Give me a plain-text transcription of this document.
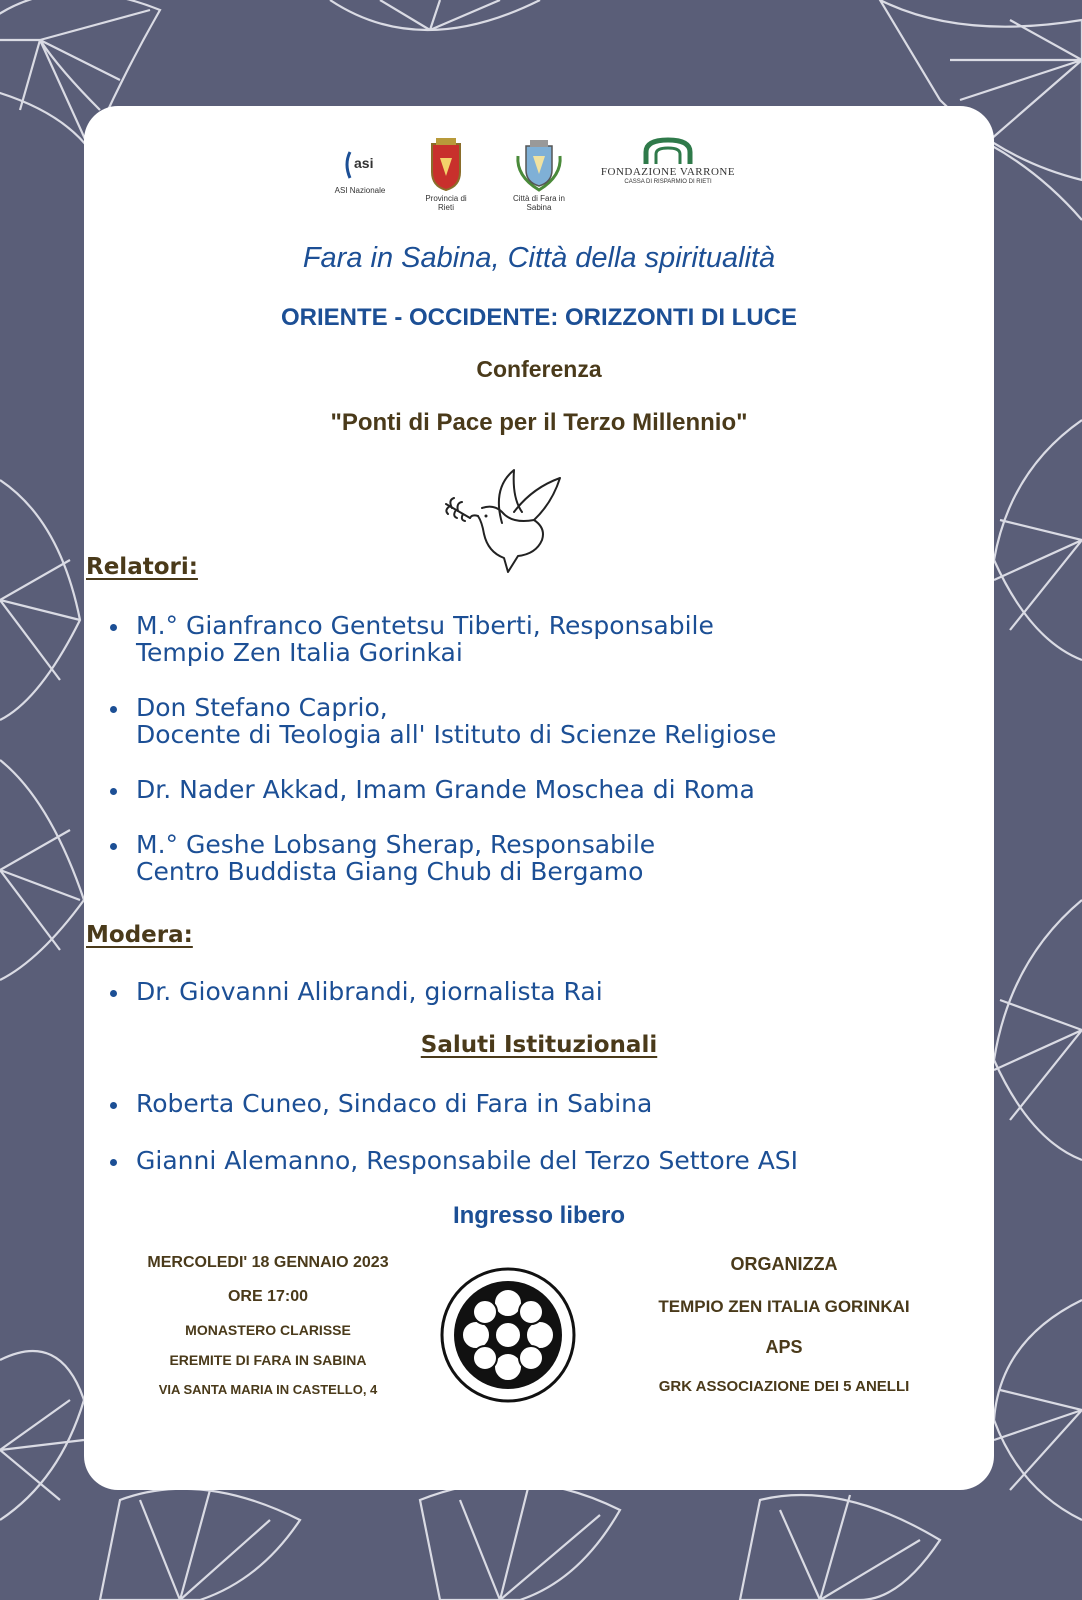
asi
ASI Nazionale
Provincia di Rieti
Città di Fara in Sabina
FONDAZIONE VARRONE
CASSA DI RISPARMIO DI RIETI
Fara in Sabina, Città della spiritualità
ORIENTE - OCCIDENTE: ORIZZONTI DI LUCE
Conferenza
"Ponti di Pace per il Terzo Millennio"
Relatori:
M.° Gianfranco Gentetsu Tiberti, Responsabile
Tempio Zen Italia Gorinkai
Don Stefano Caprio,
Docente di Teologia all' Istituto di Scienze Religiose
Dr. Nader Akkad, Imam Grande Moschea di Roma
M.° Geshe Lobsang Sherap, Responsabile
Centro Buddista Giang Chub di Bergamo
Modera:
Dr. Giovanni Alibrandi, giornalista Rai
Saluti Istituzionali
Roberta Cuneo, Sindaco di Fara in Sabina
Gianni Alemanno, Responsabile del Terzo Settore ASI
Ingresso libero
MERCOLEDI' 18 GENNAIO 2023
ORE 17:00
MONASTERO CLARISSE
EREMITE DI FARA IN SABINA
VIA SANTA MARIA IN CASTELLO, 4
ORGANIZZA
TEMPIO ZEN ITALIA GORINKAI
APS
GRK ASSOCIAZIONE DEI 5 ANELLI
